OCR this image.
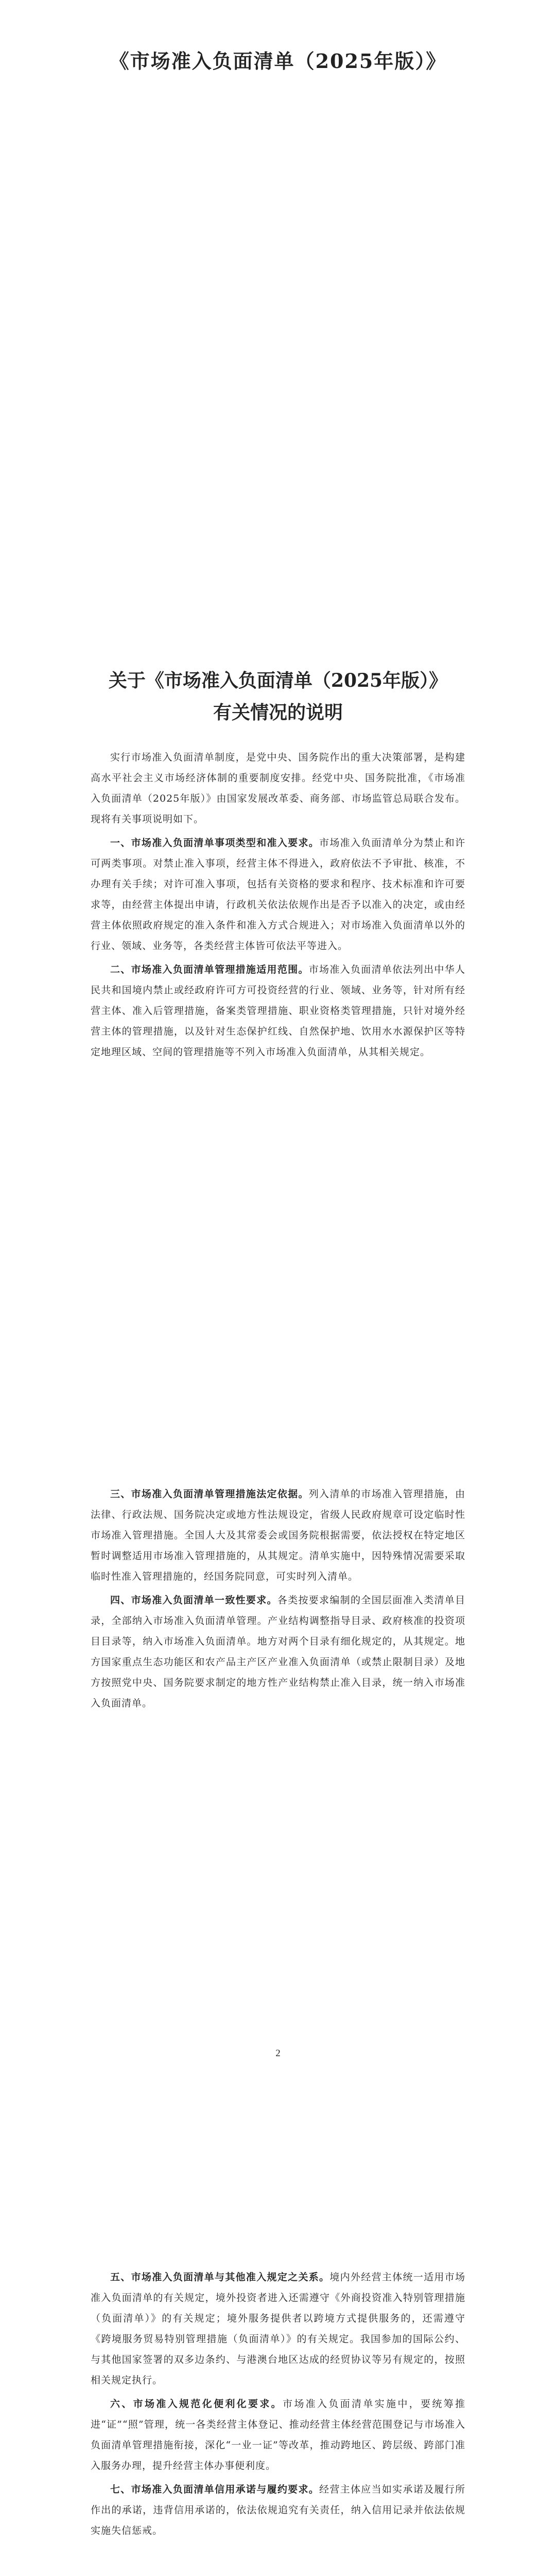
《市场准入负面清单（2025年版）》
关于《市场准入负面清单（2025年版）》
有关情况的说明

实行市场准入负面清单制度，是党中央、国务院作出的重大决策部署，是构建高水平社会主义市场经济体制的重要制度安排。经党中央、国务院批准，《市场准入负面清单（2025年版）》由国家发展改革委、商务部、市场监管总局联合发布。现将有关事项说明如下。

一、市场准入负面清单事项类型和准入要求。市场准入负面清单分为禁止和许可两类事项。对禁止准入事项，经营主体不得进入，政府依法不予审批、核准，不办理有关手续；对许可准入事项，包括有关资格的要求和程序、技术标准和许可要求等，由经营主体提出申请，行政机关依法依规作出是否予以准入的决定，或由经营主体依照政府规定的准入条件和准入方式合规进入；对市场准入负面清单以外的行业、领域、业务等，各类经营主体皆可依法平等进入。

二、市场准入负面清单管理措施适用范围。市场准入负面清单依法列出中华人民共和国境内禁止或经政府许可方可投资经营的行业、领域、业务等，针对所有经营主体、准入后管理措施，备案类管理措施、职业资格类管理措施，只针对境外经营主体的管理措施，以及针对生态保护红线、自然保护地、饮用水水源保护区等特定地理区域、空间的管理措施等不列入市场准入负面清单，从其相关规定。

三、市场准入负面清单管理措施法定依据。列入清单的市场准入管理措施，由法律、行政法规、国务院决定或地方性法规设定，省级人民政府规章可设定临时性市场准入管理措施。全国人大及其常委会或国务院根据需要，依法授权在特定地区暂时调整适用市场准入管理措施的，从其规定。清单实施中，因特殊情况需要采取临时性准入管理措施的，经国务院同意，可实时列入清单。

四、市场准入负面清单一致性要求。各类按要求编制的全国层面准入类清单目录，全部纳入市场准入负面清单管理。产业结构调整指导目录、政府核准的投资项目目录等，纳入市场准入负面清单。地方对两个目录有细化规定的，从其规定。地方国家重点生态功能区和农产品主产区产业准入负面清单（或禁止限制目录）及地方按照党中央、国务院要求制定的地方性产业结构禁止准入目录，统一纳入市场准入负面清单。

2

五、市场准入负面清单与其他准入规定之关系。境内外经营主体统一适用市场准入负面清单的有关规定，境外投资者进入还需遵守《外商投资准入特别管理措施（负面清单）》的有关规定；境外服务提供者以跨境方式提供服务的，还需遵守《跨境服务贸易特别管理措施（负面清单）》的有关规定。我国参加的国际公约、与其他国家签署的双多边条约、与港澳台地区达成的经贸协议等另有规定的，按照相关规定执行。

六、市场准入规范化便利化要求。市场准入负面清单实施中，要统筹推进“证”“照”管理，统一各类经营主体登记、推动经营主体经营范围登记与市场准入负面清单管理措施衔接，深化“一业一证”等改革，推动跨地区、跨层级、跨部门准入服务办理，提升经营主体办事便利度。

七、市场准入负面清单信用承诺与履约要求。经营主体应当如实承诺及履行所作出的承诺，违背信用承诺的，依法依规追究有关责任，纳入信用记录并依法依规实施失信惩戒。
